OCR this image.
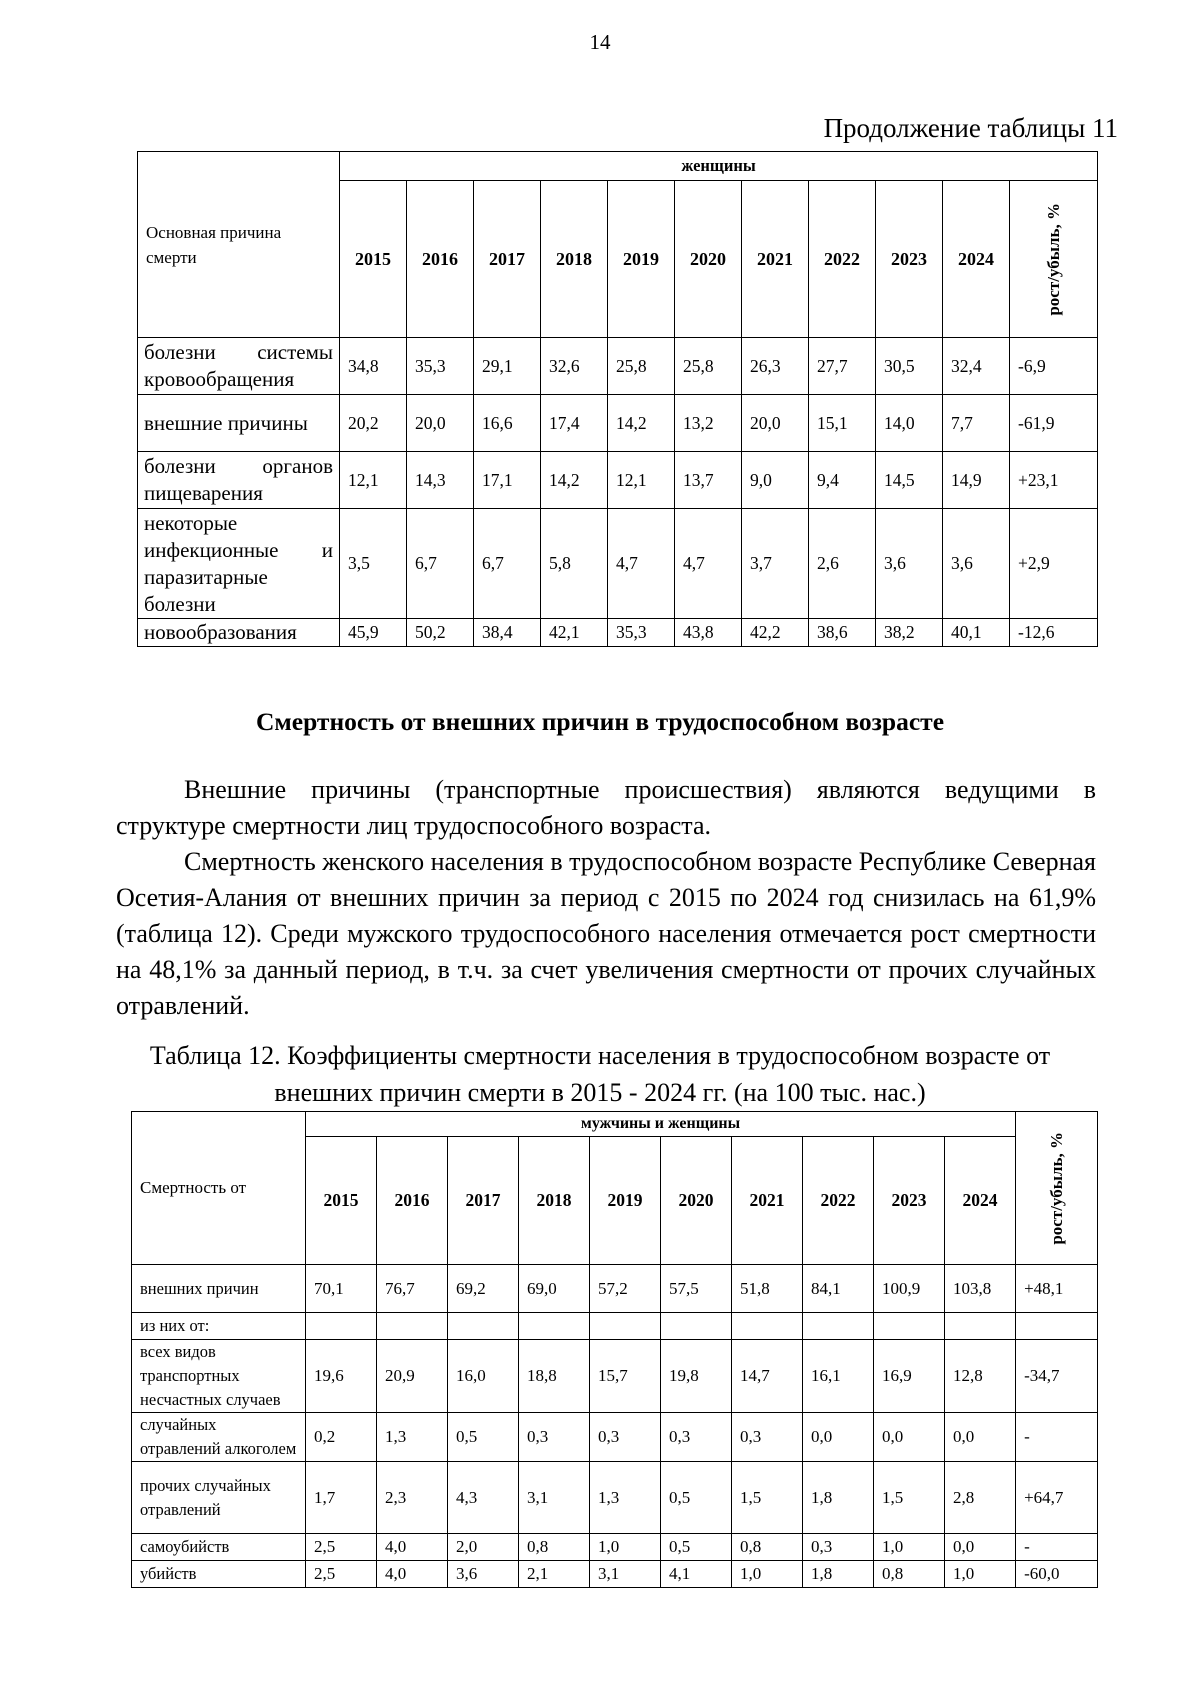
14
Продолжение таблицы 11
Основная причина смерти	женщины										
	2015	2016	2017	2018	2019	2020	2021	2022	2023	2024	рост/убыль, %

болезни системы кровообращения	34,8	35,3	29,1	32,6	25,8	25,8	26,3	27,7	30,5	32,4	-6,9
внешние причины	20,2	20,0	16,6	17,4	14,2	13,2	20,0	15,1	14,0	7,7	-61,9
болезни органов пищеварения	12,1	14,3	17,1	14,2	12,1	13,7	9,0	9,4	14,5	14,9	+23,1
некоторые инфекционные и паразитарные болезни	3,5	6,7	6,7	5,8	4,7	4,7	3,7	2,6	3,6	3,6	+2,9
новообразования	45,9	50,2	38,4	42,1	35,3	43,8	42,2	38,6	38,2	40,1	-12,6
Смертность от внешних причин в трудоспособном возрасте

Внешние причины (транспортные происшествия) являются ведущими в структуре смертности лиц трудоспособного возраста.

Смертность женского населения в трудоспособном возрасте Республике Северная Осетия-Алания от внешних причин за период с 2015 по 2024 год снизилась на 61,9% (таблица 12). Среди мужского трудоспособного населения отмечается рост смертности на 48,1% за данный период, в т.ч. за счет увеличения смертности от прочих случайных отравлений.

Таблица 12. Коэффициенты смертности населения в трудоспособном возрасте от внешних причин смерти в 2015 - 2024 гг. (на 100 тыс. нас.)
Смертность от	мужчины и женщины										рост/убыль, %

	2015	2016	2017	2018	2019	2020	2021	2022	2023	2024	
внешних причин	70,1	76,7	69,2	69,0	57,2	57,5	51,8	84,1	100,9	103,8	+48,1
из них от:											
всех видов транспортных несчастных случаев	19,6	20,9	16,0	18,8	15,7	19,8	14,7	16,1	16,9	12,8	-34,7
случайных отравлений алкоголем	0,2	1,3	0,5	0,3	0,3	0,3	0,3	0,0	0,0	0,0	-
прочих случайных отравлений	1,7	2,3	4,3	3,1	1,3	0,5	1,5	1,8	1,5	2,8	+64,7
самоубийств	2,5	4,0	2,0	0,8	1,0	0,5	0,8	0,3	1,0	0,0	-
убийств	2,5	4,0	3,6	2,1	3,1	4,1	1,0	1,8	0,8	1,0	-60,0
